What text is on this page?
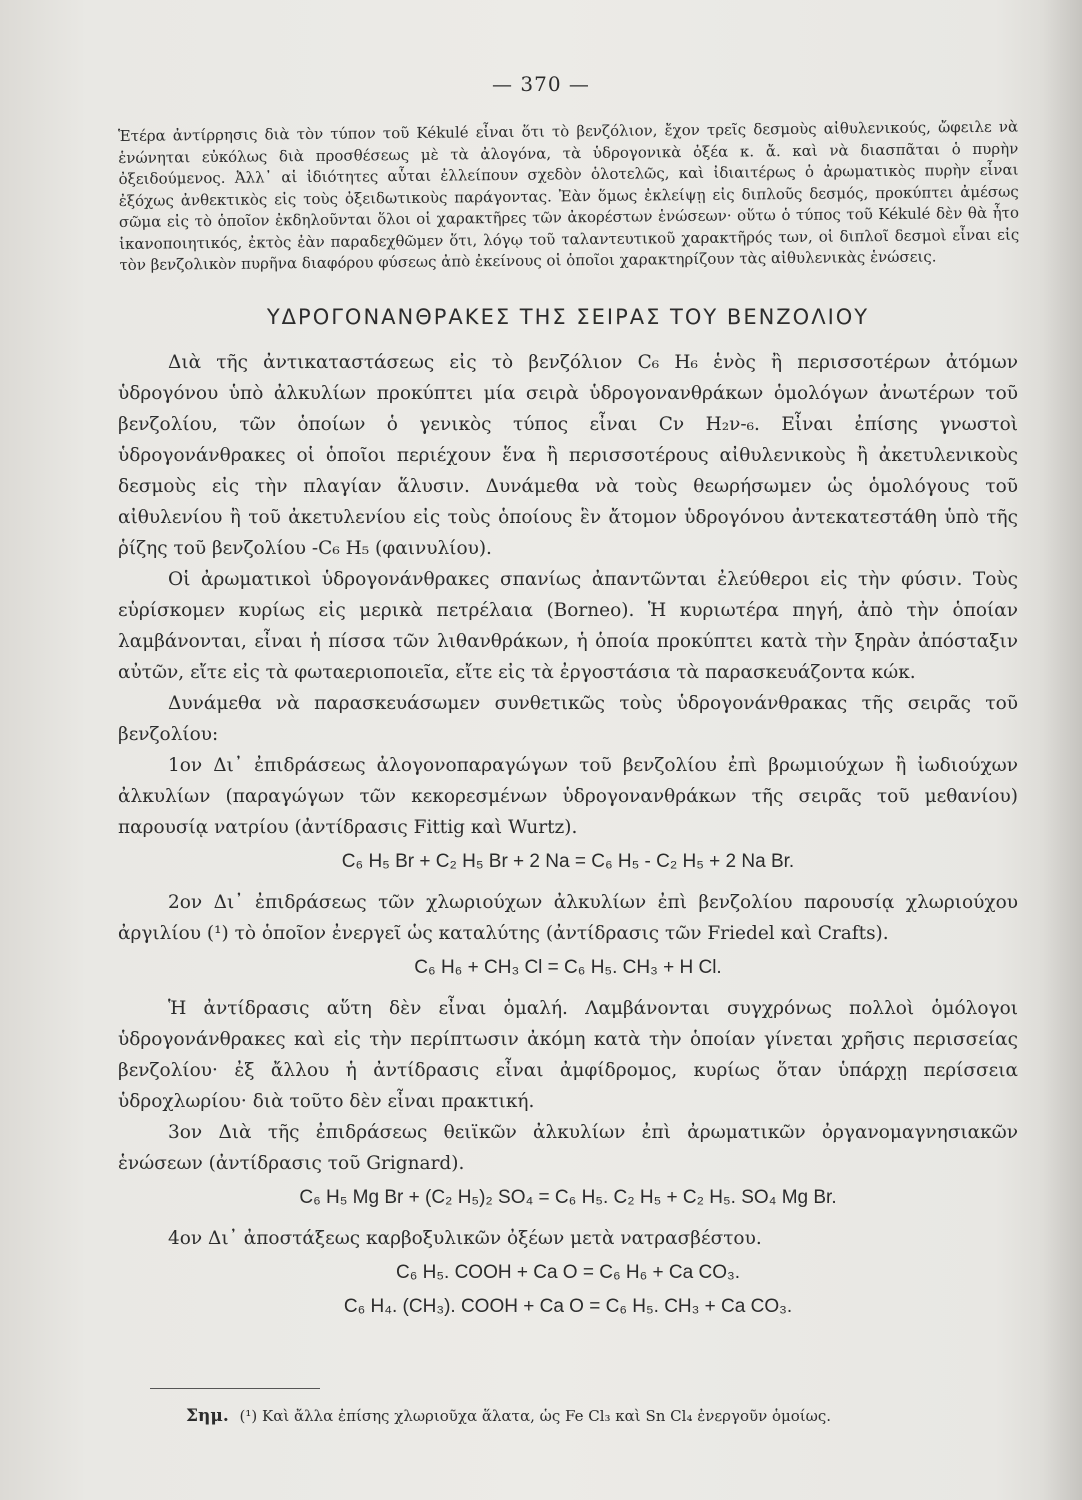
— 370 —

Ἑτέρα ἀντίρρησις διὰ τὸν τύπον τοῦ Kékulé εἶναι ὅτι τὸ βενζόλιον, ἔχον τρεῖς δεσμοὺς αἰθυλενικούς, ὤφειλε νὰ ἑνώνηται εὐκόλως διὰ προσθέσεως μὲ τὰ ἀλογόνα, τὰ ὑδρογονικὰ ὀξέα κ. ἄ. καὶ νὰ διασπᾶται ὁ πυρὴν ὀξειδούμενος. Ἀλλ᾽ αἱ ἰδιότητες αὗται ἐλλείπουν σχεδὸν ὁλοτελῶς, καὶ ἰδιαιτέρως ὁ ἀρωματικὸς πυρὴν εἶναι ἐξόχως ἀνθεκτικὸς εἰς τοὺς ὀξειδωτικοὺς παράγοντας. Ἐὰν ὅμως ἐκλείψῃ εἰς διπλοῦς δεσμός, προκύπτει ἀμέσως σῶμα εἰς τὸ ὁποῖον ἐκδηλοῦνται ὅλοι οἱ χαρακτῆρες τῶν ἀκορέστων ἑνώσεων· οὕτω ὁ τύπος τοῦ Kékulé δὲν θὰ ἦτο ἱκανοποιητικός, ἐκτὸς ἐὰν παραδεχθῶμεν ὅτι, λόγῳ τοῦ ταλαντευτικοῦ χαρακτῆρός των, οἱ διπλοῖ δεσμοὶ εἶναι εἰς τὸν βενζολικὸν πυρῆνα διαφόρου φύσεως ἀπὸ ἐκείνους οἱ ὁποῖοι χαρακτηρίζουν τὰς αἰθυλενικὰς ἑνώσεις.

ΥΔΡΟΓΟΝΑΝΘΡΑΚΕΣ ΤΗΣ ΣΕΙΡΑΣ ΤΟΥ ΒΕΝΖΟΛΙΟΥ

Διὰ τῆς ἀντικαταστάσεως εἰς τὸ βενζόλιον C₆ H₆ ἑνὸς ἢ περισσοτέρων ἀτόμων ὑδρογόνου ὑπὸ ἀλκυλίων προκύπτει μία σειρὰ ὑδρογονανθράκων ὁμολόγων ἀνωτέρων τοῦ βενζολίου, τῶν ὁποίων ὁ γενικὸς τύπος εἶναι Cν H₂ν-₆. Εἶναι ἐπίσης γνωστοὶ ὑδρογονάνθρακες οἱ ὁποῖοι περιέχουν ἕνα ἢ περισσοτέρους αἰθυλενικοὺς ἢ ἀκετυλενικοὺς δεσμοὺς εἰς τὴν πλαγίαν ἅλυσιν. Δυνάμεθα νὰ τοὺς θεωρήσωμεν ὡς ὁμολόγους τοῦ αἰθυλενίου ἢ τοῦ ἀκετυλενίου εἰς τοὺς ὁποίους ἓν ἄτομον ὑδρογόνου ἀντεκατεστάθη ὑπὸ τῆς ῥίζης τοῦ βενζολίου -C₆ H₅ (φαινυλίου).

Οἱ ἀρωματικοὶ ὑδρογονάνθρακες σπανίως ἀπαντῶνται ἐλεύθεροι εἰς τὴν φύσιν. Τοὺς εὑρίσκομεν κυρίως εἰς μερικὰ πετρέλαια (Borneo). Ἡ κυριωτέρα πηγή, ἀπὸ τὴν ὁποίαν λαμβάνονται, εἶναι ἡ πίσσα τῶν λιθανθράκων, ἡ ὁποία προκύπτει κατὰ τὴν ξηρὰν ἀπόσταξιν αὐτῶν, εἴτε εἰς τὰ φωταεριοποιεῖα, εἴτε εἰς τὰ ἐργοστάσια τὰ παρασκευάζοντα κώκ.

Δυνάμεθα νὰ παρασκευάσωμεν συνθετικῶς τοὺς ὑδρογονάνθρακας τῆς σειρᾶς τοῦ βενζολίου:

1ον Δι᾽ ἐπιδράσεως ἀλογονοπαραγώγων τοῦ βενζολίου ἐπὶ βρωμιούχων ἢ ἰωδιούχων ἀλκυλίων (παραγώγων τῶν κεκορεσμένων ὑδρογονανθράκων τῆς σειρᾶς τοῦ μεθανίου) παρουσίᾳ νατρίου (ἀντίδρασις Fittig καὶ Wurtz).

C₆ H₅ Br + C₂ H₅ Br + 2 Na = C₆ H₅ - C₂ H₅ + 2 Na Br.

2ον Δι᾽ ἐπιδράσεως τῶν χλωριούχων ἀλκυλίων ἐπὶ βενζολίου παρουσίᾳ χλωριούχου ἀργιλίου (¹) τὸ ὁποῖον ἐνεργεῖ ὡς καταλύτης (ἀντίδρασις τῶν Friedel καὶ Crafts).

C₆ H₆ + CH₃ Cl = C₆ H₅. CH₃ + H Cl.

Ἡ ἀντίδρασις αὕτη δὲν εἶναι ὁμαλή. Λαμβάνονται συγχρόνως πολλοὶ ὁμόλογοι ὑδρογονάνθρακες καὶ εἰς τὴν περίπτωσιν ἀκόμη κατὰ τὴν ὁποίαν γίνεται χρῆσις περισσείας βενζολίου· ἐξ ἄλλου ἡ ἀντίδρασις εἶναι ἀμφίδρομος, κυρίως ὅταν ὑπάρχῃ περίσσεια ὑδροχλωρίου· διὰ τοῦτο δὲν εἶναι πρακτική.

3ον Διὰ τῆς ἐπιδράσεως θειϊκῶν ἀλκυλίων ἐπὶ ἀρωματικῶν ὀργανομαγνησιακῶν ἑνώσεων (ἀντίδρασις τοῦ Grignard).

C₆ H₅ Mg Br + (C₂ H₅)₂ SO₄ = C₆ H₅. C₂ H₅ + C₂ H₅. SO₄ Mg Br.

4ον Δι᾽ ἀποστάξεως καρβοξυλικῶν ὀξέων μετὰ νατρασβέστου.

C₆ H₅. COOH + Ca O = C₆ H₆ + Ca CO₃.
C₆ H₄. (CH₃). COOH + Ca O = C₆ H₅. CH₃ + Ca CO₃.
Σημ. (¹) Καὶ ἄλλα ἐπίσης χλωριοῦχα ἅλατα, ὡς Fe Cl₃ καὶ Sn Cl₄ ἐνεργοῦν ὁμοίως.
